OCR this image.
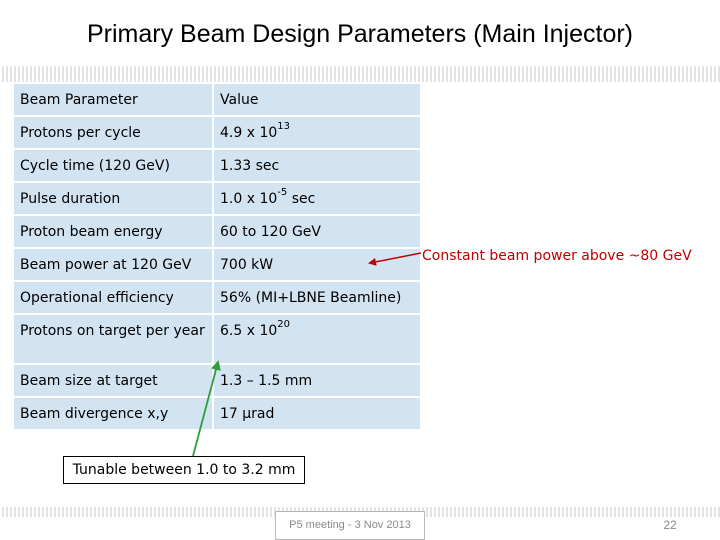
Primary Beam Design Parameters (Main Injector)
Beam Parameter	Value
Protons per cycle	4.9 x $10^{13}$
Cycle time (120 GeV)	1.33 sec
Pulse duration	1.0 x $10^{-5}$ sec
Proton beam energy	60 to 120 GeV
Beam power at 120 GeV	700 kW
Operational efficiency	56% (MI+LBNE Beamline)
Protons on target per year	6.5 x $10^{20}$
Beam size at target	1.3 – 1.5 mm
Beam divergence x,y	17 μrad
Constant beam power above ~80 GeV
Tunable between 1.0 to 3.2 mm
P5 meeting - 3 Nov 2013	22
